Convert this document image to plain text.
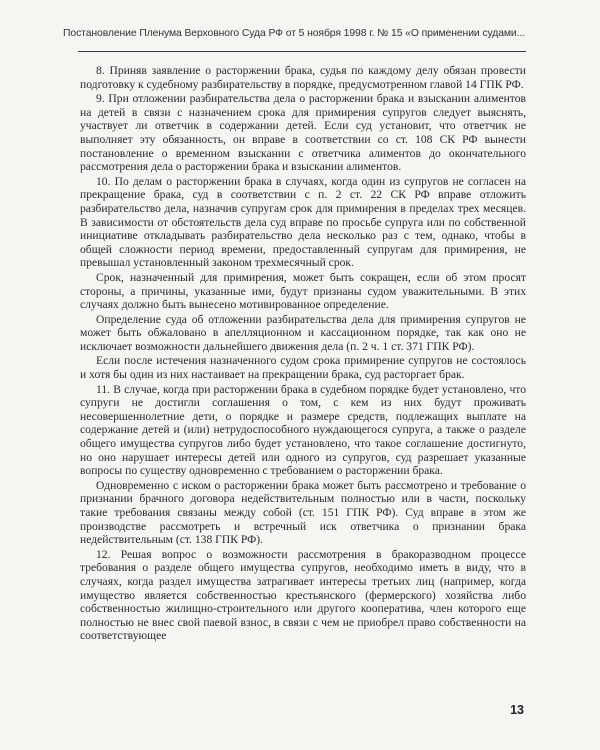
Постановление Пленума Верховного Суда РФ от 5 ноября 1998 г. № 15 «О применении судами...

8. Приняв заявление о расторжении брака, судья по каждому делу обязан провести подготовку к судебному разбирательству в порядке, предусмотренном главой 14 ГПК РФ.

9. При отложении разбирательства дела о расторжении брака и взыскании алиментов на детей в связи с назначением срока для примирения супругов следует выяснять, участвует ли ответчик в содержании детей. Если суд установит, что ответчик не выполняет эту обязанность, он вправе в соответствии со ст. 108 СК РФ вынести постановление о временном взыскании с ответчика алиментов до окончательного рассмотрения дела о расторжении брака и взыскании алиментов.

10. По делам о расторжении брака в случаях, когда один из супругов не согласен на прекращение брака, суд в соответствии с п. 2 ст. 22 СК РФ вправе отложить разбирательство дела, назначив супругам срок для примирения в пределах трех месяцев. В зависимости от обстоятельств дела суд вправе по просьбе супруга или по собственной инициативе откладывать разбирательство дела несколько раз с тем, однако, чтобы в общей сложности период времени, предоставленный супругам для примирения, не превышал установленный законом трехмесячный срок.

Срок, назначенный для примирения, может быть сокращен, если об этом просят стороны, а причины, указанные ими, будут признаны судом уважительными. В этих случаях должно быть вынесено мотивированное определение.

Определение суда об отложении разбирательства дела для примирения супругов не может быть обжаловано в апелляционном и кассационном порядке, так как оно не исключает возможности дальнейшего движения дела (п. 2 ч. 1 ст. 371 ГПК РФ).

Если после истечения назначенного судом срока примирение супругов не состоялось и хотя бы один из них настаивает на прекращении брака, суд расторгает брак.

11. В случае, когда при расторжении брака в судебном порядке будет установлено, что супруги не достигли соглашения о том, с кем из них будут проживать несовершеннолетние дети, о порядке и размере средств, подлежащих выплате на содержание детей и (или) нетрудоспособного нуждающегося супруга, а также о разделе общего имущества супругов либо будет установлено, что такое соглашение достигнуто, но оно нарушает интересы детей или одного из супругов, суд разрешает указанные вопросы по существу одновременно с требованием о расторжении брака.

Одновременно с иском о расторжении брака может быть рассмотрено и требование о признании брачного договора недействительным полностью или в части, поскольку такие требования связаны между собой (ст. 151 ГПК РФ). Суд вправе в этом же производстве рассмотреть и встречный иск ответчика о признании брака недействительным (ст. 138 ГПК РФ).

12. Решая вопрос о возможности рассмотрения в бракоразводном процессе требования о разделе общего имущества супругов, необходимо иметь в виду, что в случаях, когда раздел имущества затрагивает интересы третьих лиц (например, когда имущество является собственностью крестьянского (фермерского) хозяйства либо собственностью жилищно-строительного или другого кооператива, член которого еще полностью не внес свой паевой взнос, в связи с чем не приобрел право собственности на соответствующее

13
